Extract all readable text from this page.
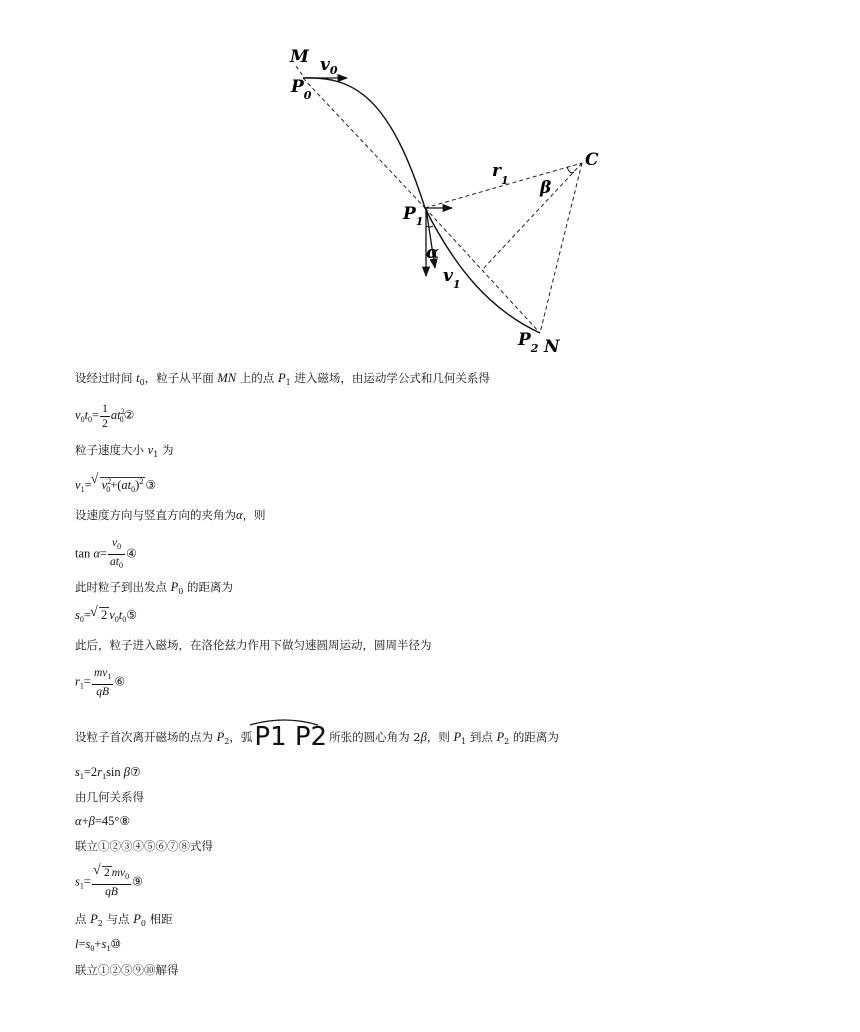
M $v_0$
$P_0$
$r_1$ β
C
$P_1$
α
$v_1$
$P_2$ N
设经过时间 $t_0$，粒子从平面 MN 上的点 $P_1$ 进入磁场，由运动学公式和几何关系得
$v_0t_0= \frac{1}{2}$ $at^2_0②$
粒子速度大小 $v_1$ 为
$v_1=√$ $v^2_0+(at_0)^2$ ③
设速度方向与竖直方向的夹角为α，则
$\tan \alpha= \frac{v_0}{at_0}$ ④
此时粒子到出发点 $P_0$ 的距离为
$s_0=√$ 2 $v_0t_0⑤$
此后，粒子进入磁场，在洛伦兹力作用下做匀速圆周运动，圆周半径为
$r_1= \frac{mv_1}{qB}$ ⑥
设粒子首次离开磁场的点为 $P_2$，弧
P1 P2 所张的圆心角为 2β，则 $P_1$ 到点 $P_2$ 的距离为
$s_1=2r_1\sin$ β⑦
由几何关系得
α+β=45°⑧
联立①②③④⑤⑥⑦⑧式得
$s_1=$
√ $\frac{2 mv_0}{qB}$ ⑨
点 $P_2$ 与点 $P_0$ 相距
$l=s_0+s_1⑩$
联立①②⑤⑨⑩解得
